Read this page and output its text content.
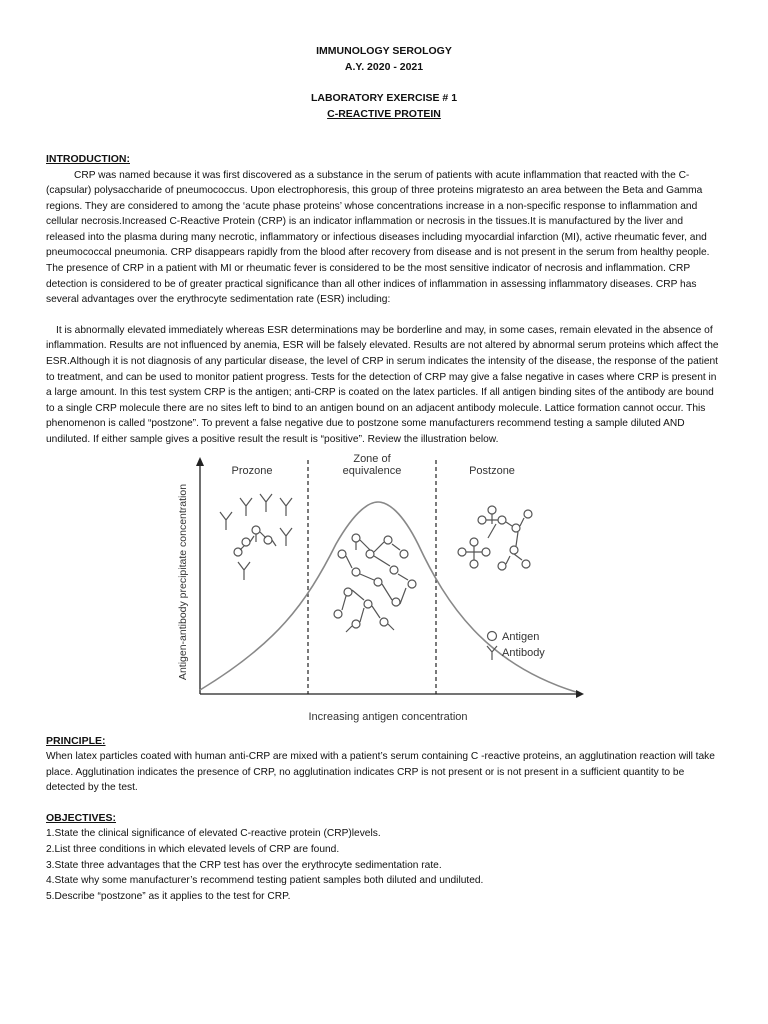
IMMUNOLOGY SEROLOGY
A.Y. 2020 - 2021
LABORATORY EXERCISE # 1
C-REACTIVE PROTEIN
INTRODUCTION:

CRP was named because it was first discovered as a substance in the serum of patients with acute inflammation that reacted with the C-(capsular) polysaccharide of pneumococcus. Upon electrophoresis, this group of three proteins migratesto an area between the Beta and Gamma regions. They are considered to among the ‘acute phase proteins’ whose concentrations increase in a non-specific response to inflammation and cellular necrosis.Increased C-Reactive Protein (CRP) is an indicator inflammation or necrosis in the tissues.It is manufactured by the liver and released into the plasma during many necrotic, inflammatory or infectious diseases including myocardial infarction (MI), active rheumatic fever, and pneumococcal pneumonia. CRP disappears rapidly from the blood after recovery from disease and is not present in the serum from healthy people. The presence of CRP in a patient with MI or rheumatic fever is considered to be the most sensitive indicator of necrosis and inflammation. CRP detection is considered to be of greater practical significance than all other indices of inflammation in assessing inflammatory diseases. CRP has several advantages over the erythrocyte sedimentation rate (ESR) including:

It is abnormally elevated immediately whereas ESR determinations may be borderline and may, in some cases, remain elevated in the absence of inflammation. Results are not influenced by anemia, ESR will be falsely elevated. Results are not altered by abnormal serum proteins which affect the ESR.Although it is not diagnosis of any particular disease, the level of CRP in serum indicates the intensity of the disease, the response of the patient to treatment, and can be used to monitor patient progress. Tests for the detection of CRP may give a false negative in cases where CRP is present in a large amount. In this test system CRP is the antigen; anti-CRP is coated on the latex particles. If all antigen binding sites of the antibody are bound to a single CRP molecule there are no sites left to bind to an antigen bound on an adjacent antibody molecule. Lattice formation cannot occur. This phenomenon is called “postzone”. To prevent a false negative due to postzone some manufacturers recommend testing a sample diluted AND undiluted. If either sample gives a positive result the result is “positive”. Review the illustration below.

Prozone
Zone of
equivalence	Postzone
Antigen-antibody precipitate concentration
Increasing antigen concentration
Antigen
Antibody
PRINCIPLE:

When latex particles coated with human anti-CRP are mixed with a patient’s serum containing C -reactive proteins, an agglutination reaction will take place. Agglutination indicates the presence of CRP, no agglutination indicates CRP is not present or is not present in a sufficient quantity to be detected by the test.

OBJECTIVES:
1.State the clinical significance of elevated C-reactive protein (CRP)levels.
2.List three conditions in which elevated levels of CRP are found.
3.State three advantages that the CRP test has over the erythrocyte sedimentation rate.
4.State why some manufacturer’s recommend testing patient samples both diluted and undiluted.
5.Describe “postzone” as it applies to the test for CRP.
